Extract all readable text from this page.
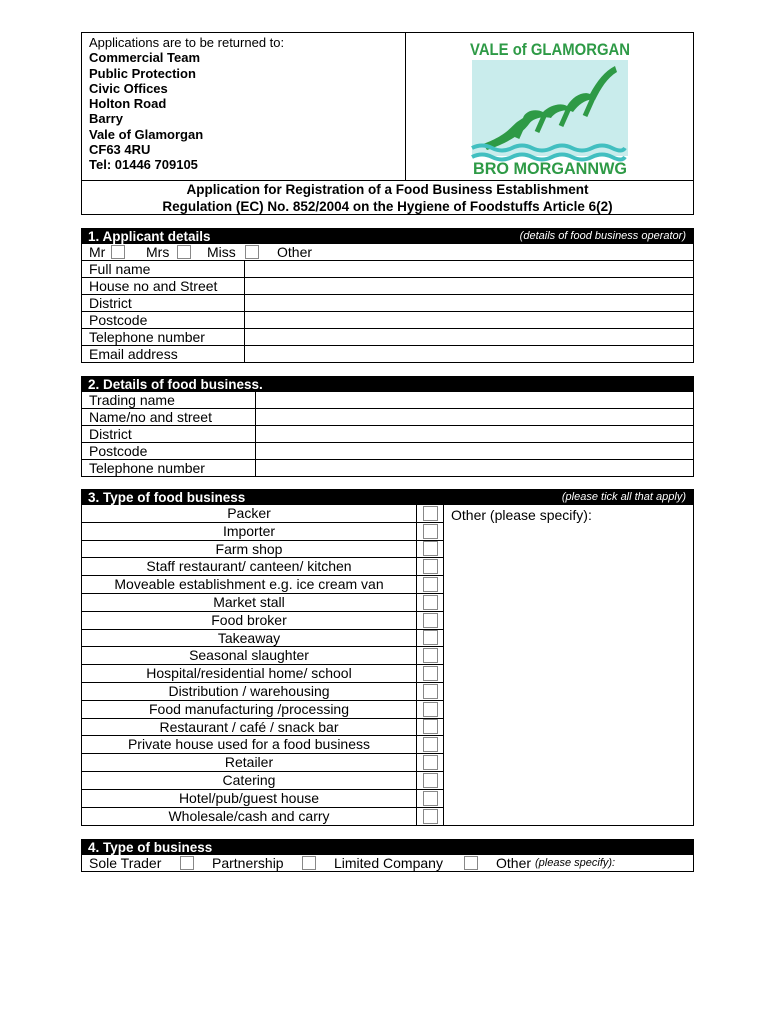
Applications are to be returned to:
Commercial Team
Public Protection
Civic Offices
Holton Road
Barry
Vale of Glamorgan
CF63 4RU
Tel: 01446 709105
VALE of GLAMORGAN
BRO MORGANNWG
Application for Registration of a Food Business Establishment
Regulation (EC) No. 852/2004 on the Hygiene of Foodstuffs Article 6(2)
1. Applicant details	(details of food business operator)
Mr	Mrs	Miss	Other
Full name	
House no and Street	
District	
Postcode	
Telephone number	
Email address	
2. Details of food business.
Trading name	
Name/no and street	
District	
Postcode	
Telephone number	
3. Type of food business	(please tick all that apply)
Packer
Importer
Farm shop
Staff restaurant/ canteen/ kitchen
Moveable establishment e.g. ice cream van
Market stall
Food broker
Takeaway
Seasonal slaughter
Hospital/residential home/ school
Distribution / warehousing
Food manufacturing /processing
Restaurant / café / snack bar
Private house used for a food business
Retailer
Catering
Hotel/pub/guest house
Wholesale/cash and carry
Other (please specify):
4. Type of business
Sole Trader	Partnership	Limited Company	Other (please specify):
